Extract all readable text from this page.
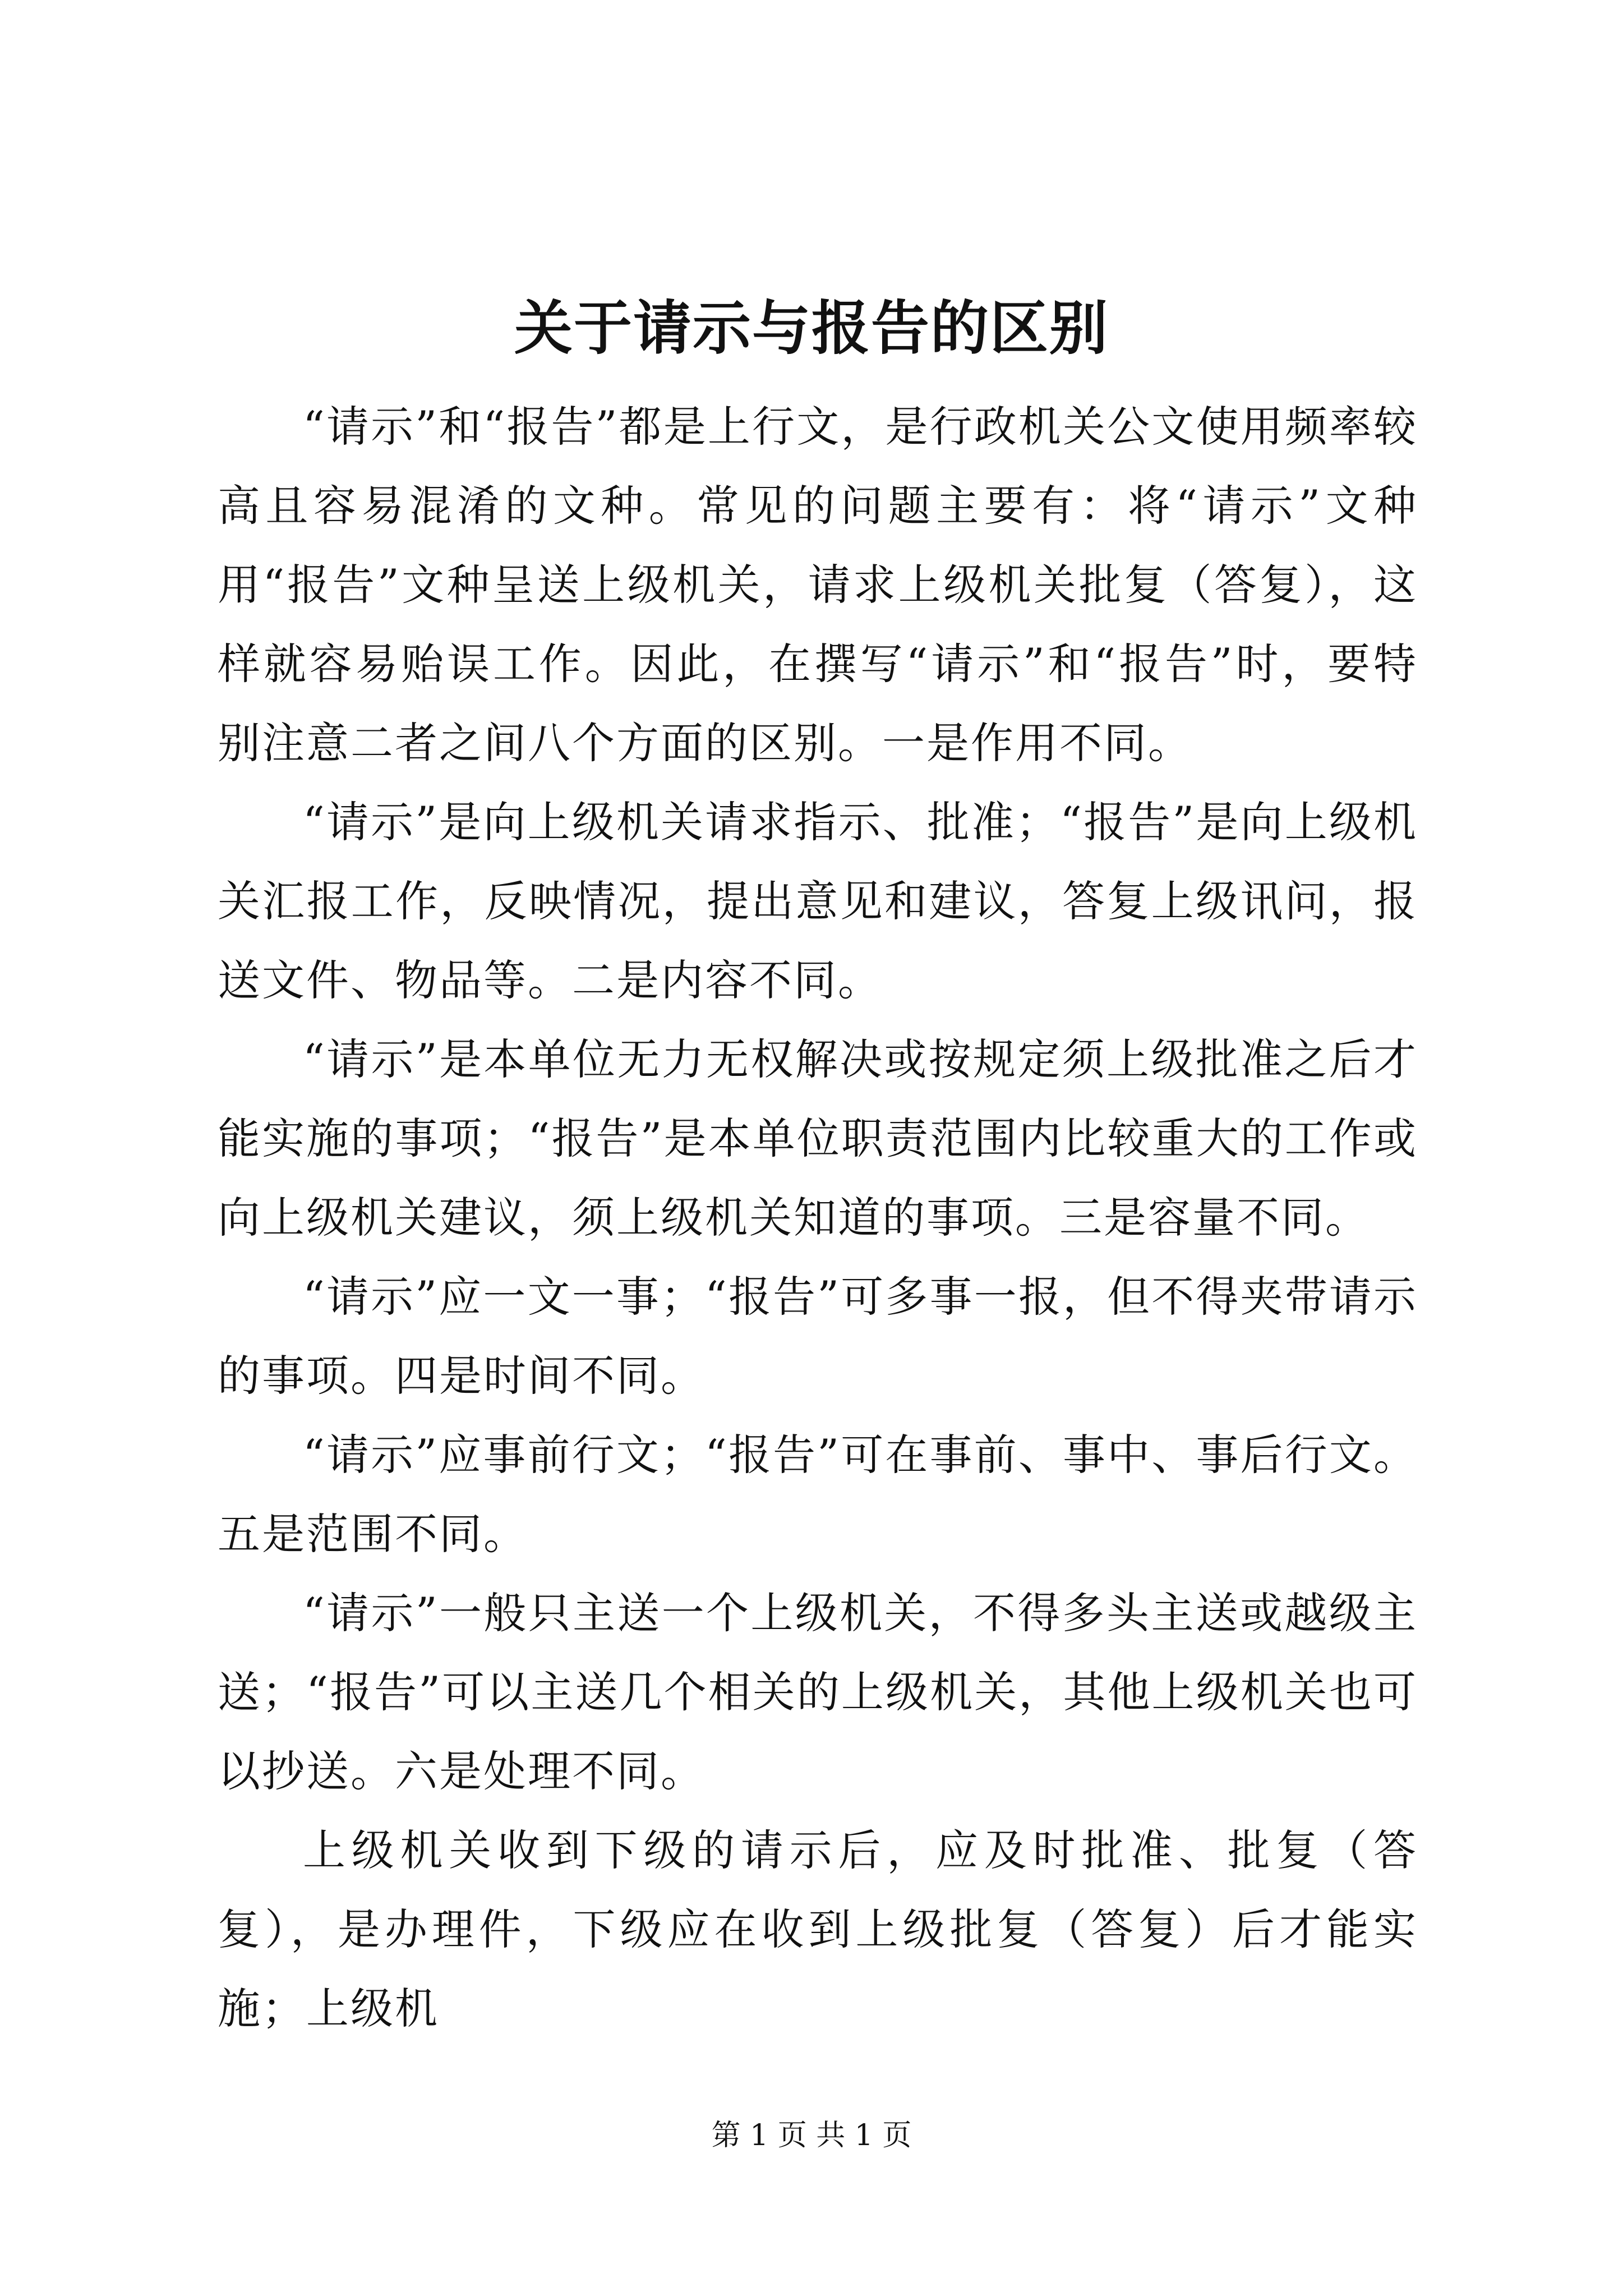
关于请示与报告的区别

“请示”和“报告”都是上行文，是行政机关公文使用频率较高且容易混淆的文种。常见的问题主要有：将“请示”文种用“报告”文种呈送上级机关，请求上级机关批复（答复），这样就容易贻误工作。因此，在撰写“请示”和“报告”时，要特别注意二者之间八个方面的区别。一是作用不同。

“请示”是向上级机关请求指示、批准；“报告”是向上级机关汇报工作，反映情况，提出意见和建议，答复上级讯问，报送文件、物品等。二是内容不同。

“请示”是本单位无力无权解决或按规定须上级批准之后才能实施的事项；“报告”是本单位职责范围内比较重大的工作或向上级机关建议，须上级机关知道的事项。三是容量不同。

“请示”应一文一事；“报告”可多事一报，但不得夹带请示的事项。四是时间不同。

“请示”应事前行文；“报告”可在事前、事中、事后行文。五是范围不同。

“请示”一般只主送一个上级机关，不得多头主送或越级主送；“报告”可以主送几个相关的上级机关，其他上级机关也可以抄送。六是处理不同。

上级机关收到下级的请示后，应及时批准、批复（答复），是办理件，下级应在收到上级批复（答复）后才能实施；上级机

第 1 页 共 1 页
